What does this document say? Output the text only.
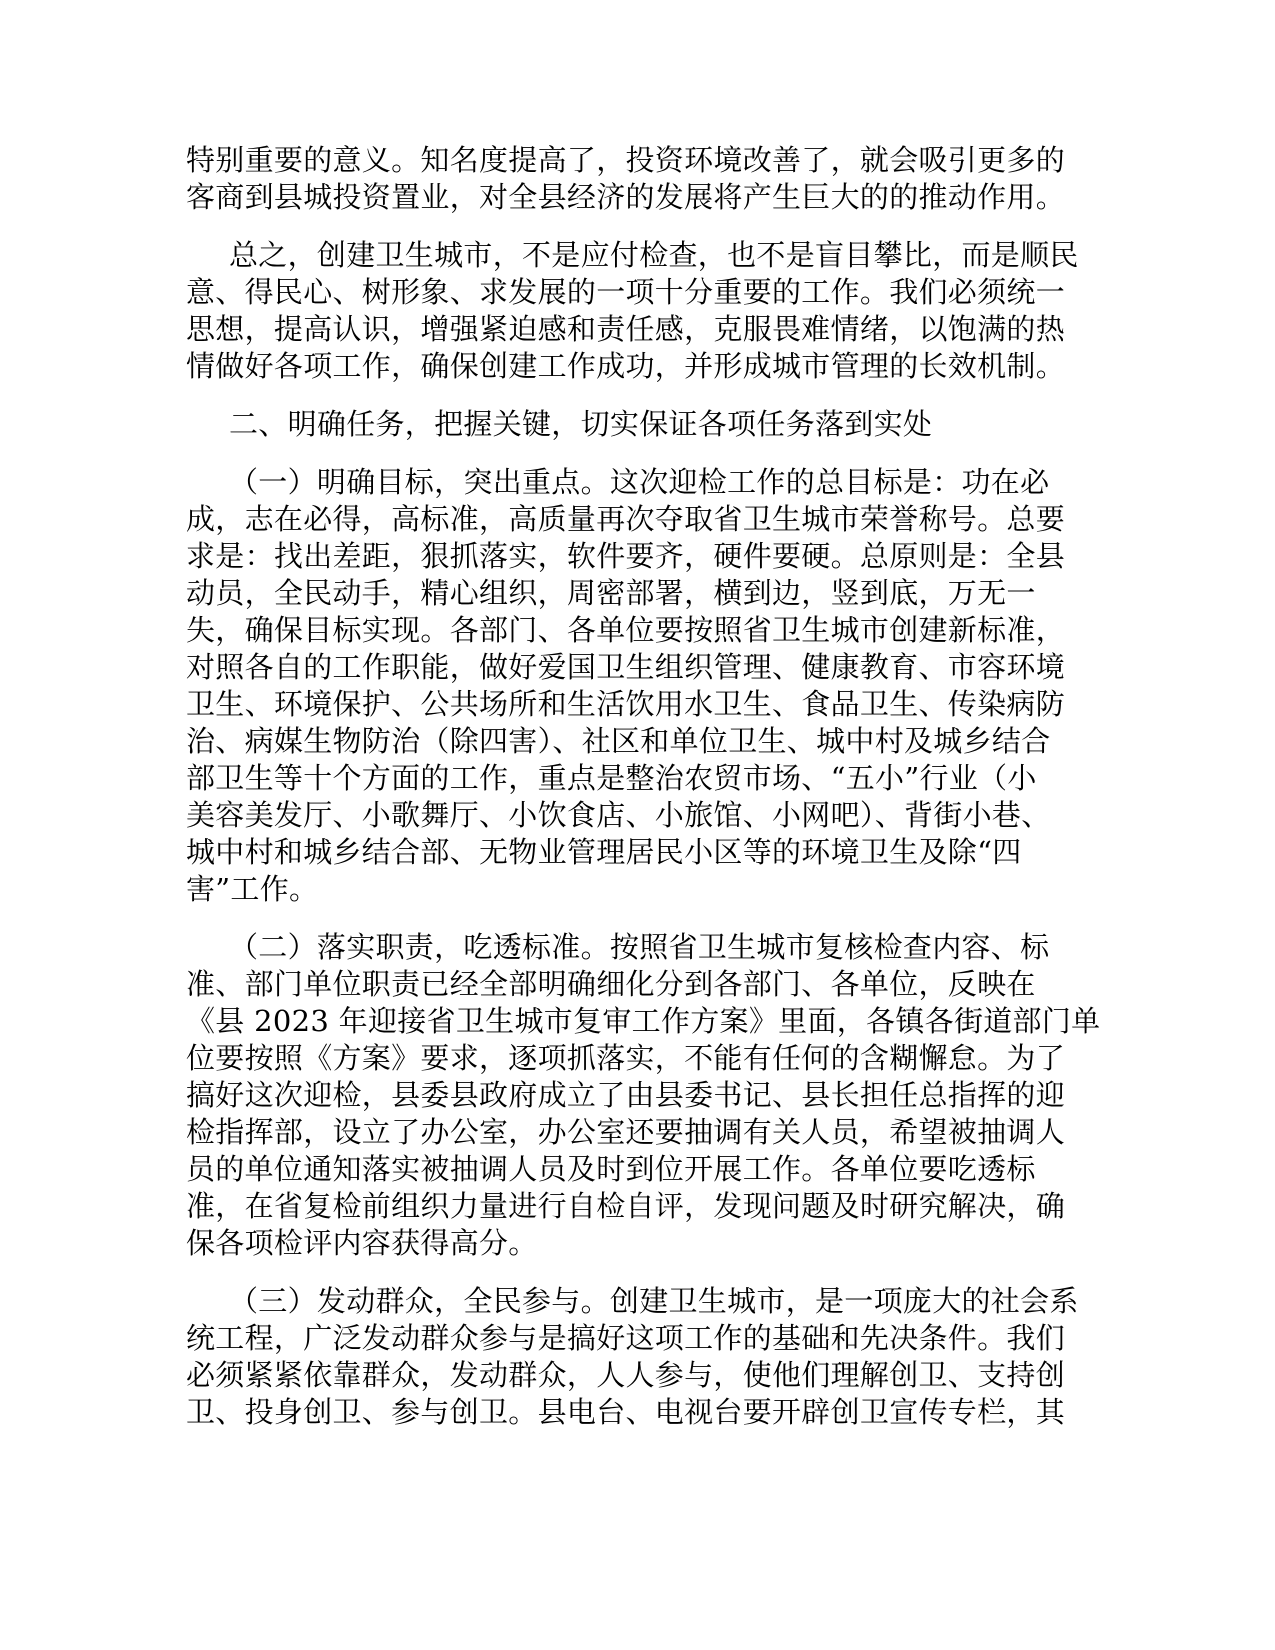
特别重要的意义。知名度提高了，投资环境改善了，就会吸引更多的
客商到县城投资置业，对全县经济的发展将产生巨大的的推动作用。

总之，创建卫生城市，不是应付检查，也不是盲目攀比，而是顺民
意、得民心、树形象、求发展的一项十分重要的工作。我们必须统一
思想，提高认识，增强紧迫感和责任感，克服畏难情绪，以饱满的热
情做好各项工作，确保创建工作成功，并形成城市管理的长效机制。

二、明确任务，把握关键，切实保证各项任务落到实处

（一）明确目标，突出重点。这次迎检工作的总目标是：功在必
成，志在必得，高标准，高质量再次夺取省卫生城市荣誉称号。总要
求是：找出差距，狠抓落实，软件要齐，硬件要硬。总原则是：全县
动员，全民动手，精心组织，周密部署，横到边，竖到底，万无一
失，确保目标实现。各部门、各单位要按照省卫生城市创建新标准，
对照各自的工作职能，做好爱国卫生组织管理、健康教育、市容环境
卫生、环境保护、公共场所和生活饮用水卫生、食品卫生、传染病防
治、病媒生物防治（除四害）、社区和单位卫生、城中村及城乡结合
部卫生等十个方面的工作，重点是整治农贸市场、“五小”行业（小
美容美发厅、小歌舞厅、小饮食店、小旅馆、小网吧）、背街小巷、
城中村和城乡结合部、无物业管理居民小区等的环境卫生及除“四
害”工作。

（二）落实职责，吃透标准。按照省卫生城市复核检查内容、标
准、部门单位职责已经全部明确细化分到各部门、各单位，反映在
《县 2023 年迎接省卫生城市复审工作方案》里面，各镇各街道部门单
位要按照《方案》要求，逐项抓落实，不能有任何的含糊懈怠。为了
搞好这次迎检，县委县政府成立了由县委书记、县长担任总指挥的迎
检指挥部，设立了办公室，办公室还要抽调有关人员，希望被抽调人
员的单位通知落实被抽调人员及时到位开展工作。各单位要吃透标
准，在省复检前组织力量进行自检自评，发现问题及时研究解决，确
保各项检评内容获得高分。

（三）发动群众，全民参与。创建卫生城市，是一项庞大的社会系
统工程，广泛发动群众参与是搞好这项工作的基础和先决条件。我们
必须紧紧依靠群众，发动群众，人人参与，使他们理解创卫、支持创
卫、投身创卫、参与创卫。县电台、电视台要开辟创卫宣传专栏，其
